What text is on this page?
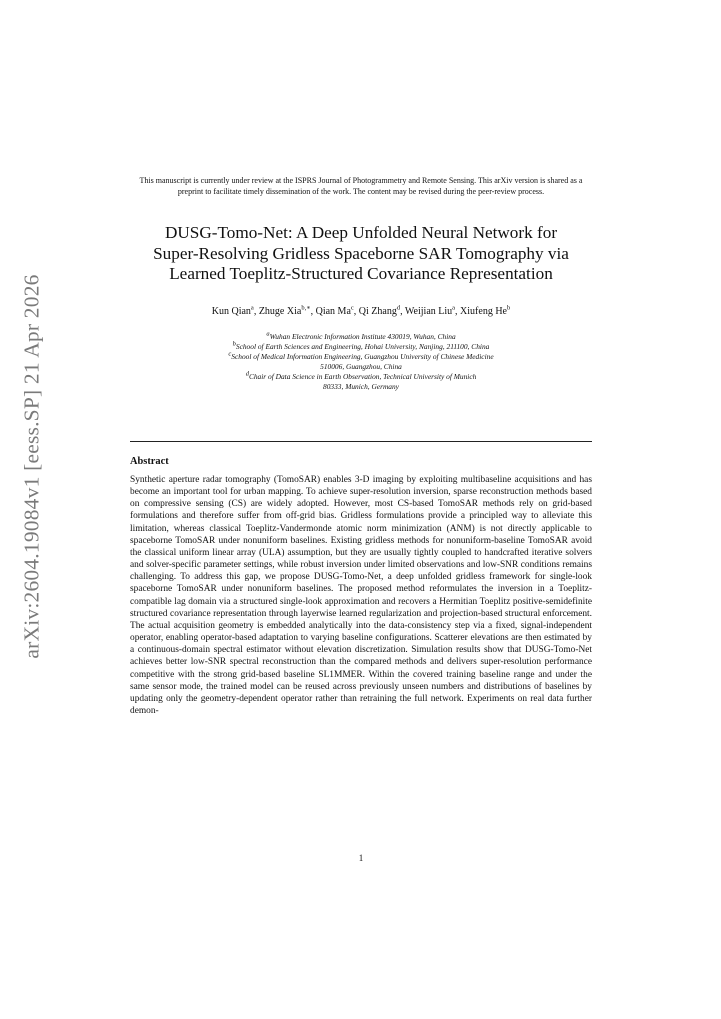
arXiv:2604.19084v1 [eess.SP] 21 Apr 2026
This manuscript is currently under review at the ISPRS Journal of Photogrammetry and Remote Sensing. This arXiv version is shared as a preprint to facilitate timely dissemination of the work. The content may be revised during the peer-review process.
DUSG-Tomo-Net: A Deep Unfolded Neural Network for
Super-Resolving Gridless Spaceborne SAR Tomography via
Learned Toeplitz-Structured Covariance Representation
Kun Qian$^a$, Zhuge Xia$^{b,∗}$, Qian Ma$^c$, Qi Zhang$^d$, Weijian Liu$^a$, Xiufeng He$^b$
$^a$Wuhan Electronic Information Institute 430019, Wuhan, China
$^b$School of Earth Sciences and Engineering, Hohai University, Nanjing, 211100, China
$^c$School of Medical Information Engineering, Guangzhou University of Chinese Medicine
510006, Guangzhou, China
$^d$Chair of Data Science in Earth Observation, Technical University of Munich
80333, Munich, Germany
Abstract
Synthetic aperture radar tomography (TomoSAR) enables 3-D imaging by exploiting multibaseline acquisitions and has become an important tool for urban mapping. To achieve super-resolution inversion, sparse reconstruction methods based on compressive sensing (CS) are widely adopted. However, most CS-based TomoSAR methods rely on grid-based formulations and therefore suffer from off-grid bias. Gridless formulations provide a principled way to alleviate this limitation, whereas classical Toeplitz-Vandermonde atomic norm minimization (ANM) is not directly applicable to spaceborne TomoSAR under nonuniform baselines. Existing gridless methods for nonuniform-baseline TomoSAR avoid the classical uniform linear array (ULA) assumption, but they are usually tightly coupled to handcrafted iterative solvers and solver-specific parameter settings, while robust inversion under limited observations and low-SNR conditions remains challenging. To address this gap, we propose DUSG-Tomo-Net, a deep unfolded gridless framework for single-look spaceborne TomoSAR under nonuniform baselines. The proposed method reformulates the inversion in a Toeplitz-compatible lag domain via a structured single-look approximation and recovers a Hermitian Toeplitz positive-semidefinite structured covariance representation through layerwise learned regularization and projection-based structural enforcement. The actual acquisition geometry is embedded analytically into the data-consistency step via a fixed, signal-independent operator, enabling operator-based adaptation to varying baseline configurations. Scatterer elevations are then estimated by a continuous-domain spectral estimator without elevation discretization. Simulation results show that DUSG-Tomo-Net achieves better low-SNR spectral reconstruction than the compared methods and delivers super-resolution performance competitive with the strong grid-based baseline SL1MMER. Within the covered training baseline range and under the same sensor mode, the trained model can be reused across previously unseen numbers and distributions of baselines by updating only the geometry-dependent operator rather than retraining the full network. Experiments on real data further demon-
1
